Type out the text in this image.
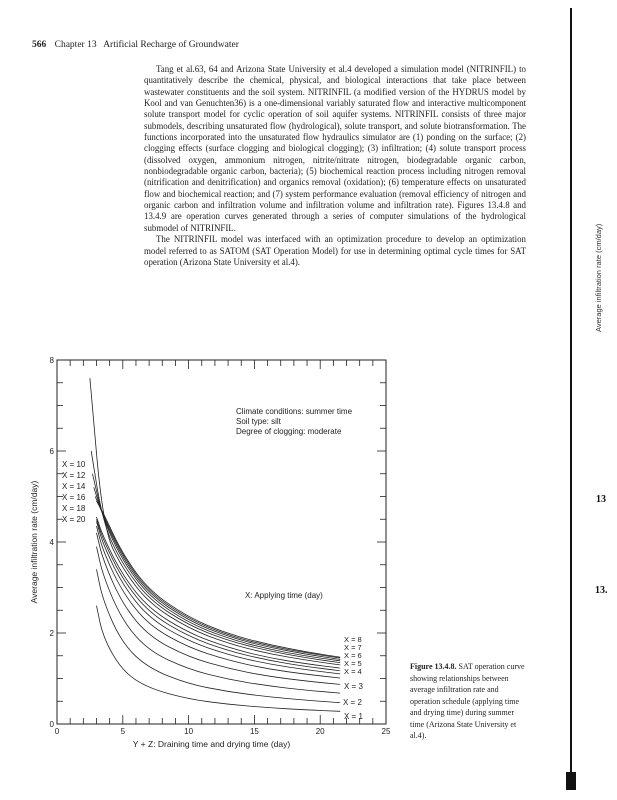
566 Chapter 13 Artificial Recharge of Groundwater

Tang et al.63, 64 and Arizona State University et al.4 developed a simulation model (NITRINFIL) to quantitatively describe the chemical, physical, and biological interactions that take place between wastewater constituents and the soil system. NITRINFIL (a modified version of the HYDRUS model by Kool and van Genuchten36) is a one-dimensional variably saturated flow and interactive multicomponent solute transport model for cyclic operation of soil aquifer systems. NITRINFIL consists of three major submodels, describing unsaturated flow (hydrological), solute transport, and solute biotransformation. The functions incorporated into the unsaturated flow hydraulics simulator are (1) ponding on the surface; (2) clogging effects (surface clogging and biological clogging); (3) infiltration; (4) solute transport process (dissolved oxygen, ammonium nitrogen, nitrite/nitrate nitrogen, biodegradable organic carbon, nonbiodegradable organic carbon, bacteria); (5) biochemical reaction process including nitrogen removal (nitrification and denitrification) and organics removal (oxidation); (6) temperature effects on unsaturated flow and biochemical reaction; and (7) system performance evaluation (removal efficiency of nitrogen and organic carbon and infiltration volume and infiltration volume and infiltration rate). Figures 13.4.8 and 13.4.9 are operation curves generated through a series of computer simulations of the hydrological submodel of NITRINFIL.

The NITRINFIL model was interfaced with an optimization procedure to develop an optimization model referred to as SATOM (SAT Operation Model) for use in determining optimal cycle times for SAT operation (Arizona State University et al.4).

0	5	10	15	20	25
0
2
4
6
8
Y + Z: Draining time and drying time (day)
Average infiltration rate (cm/day)
Climate conditions: summer time
Soil type: silt
Degree of clogging: moderate
X: Applying time (day)
X = 10
X = 12
X = 14
X = 16
X = 18
X = 20
X = 8
X = 7
X = 6
X = 5
X = 4
X = 3
X = 2
X = 1
Figure 13.4.8. SAT operation curve showing relationships between average infiltration rate and operation schedule (applying time and drying time) during summer time (Arizona State University et al.4).
Average infiltration rate (cm/day)
13
13.
